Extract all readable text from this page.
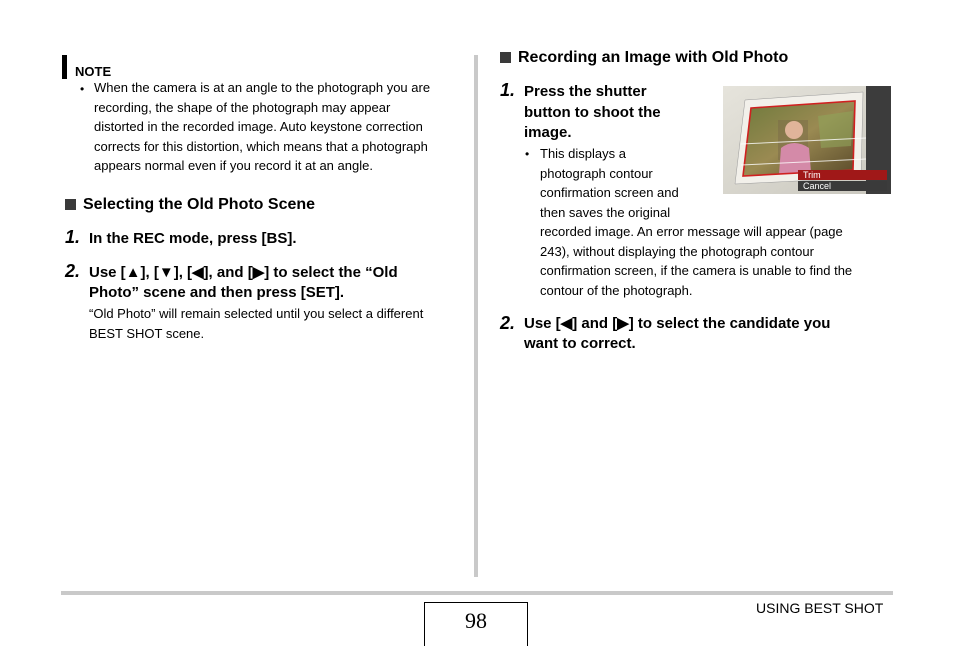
NOTE
• When the camera is at an angle to the photograph you are
recording, the shape of the photograph may appear
distorted in the recorded image. Auto keystone correction
corrects for this distortion, which means that a photograph
appears normal even if you record it at an angle.
Selecting the Old Photo Scene
1. In the REC mode, press [BS].
2. Use [▲], [▼], [◀], and [▶] to select the “Old
Photo” scene and then press [SET].
“Old Photo” will remain selected until you select a different
BEST SHOT scene.
Recording an Image with Old Photo
1. Press the shutter
button to shoot the
image.
• This displays a
photograph contour
confirmation screen and
then saves the original
recorded image. An error message will appear (page
243), without displaying the photograph contour
confirmation screen, if the camera is unable to find the
contour of the photograph.
Trim
Cancel
2. Use [◀] and [▶] to select the candidate you
want to correct.
98	USING BEST SHOT
